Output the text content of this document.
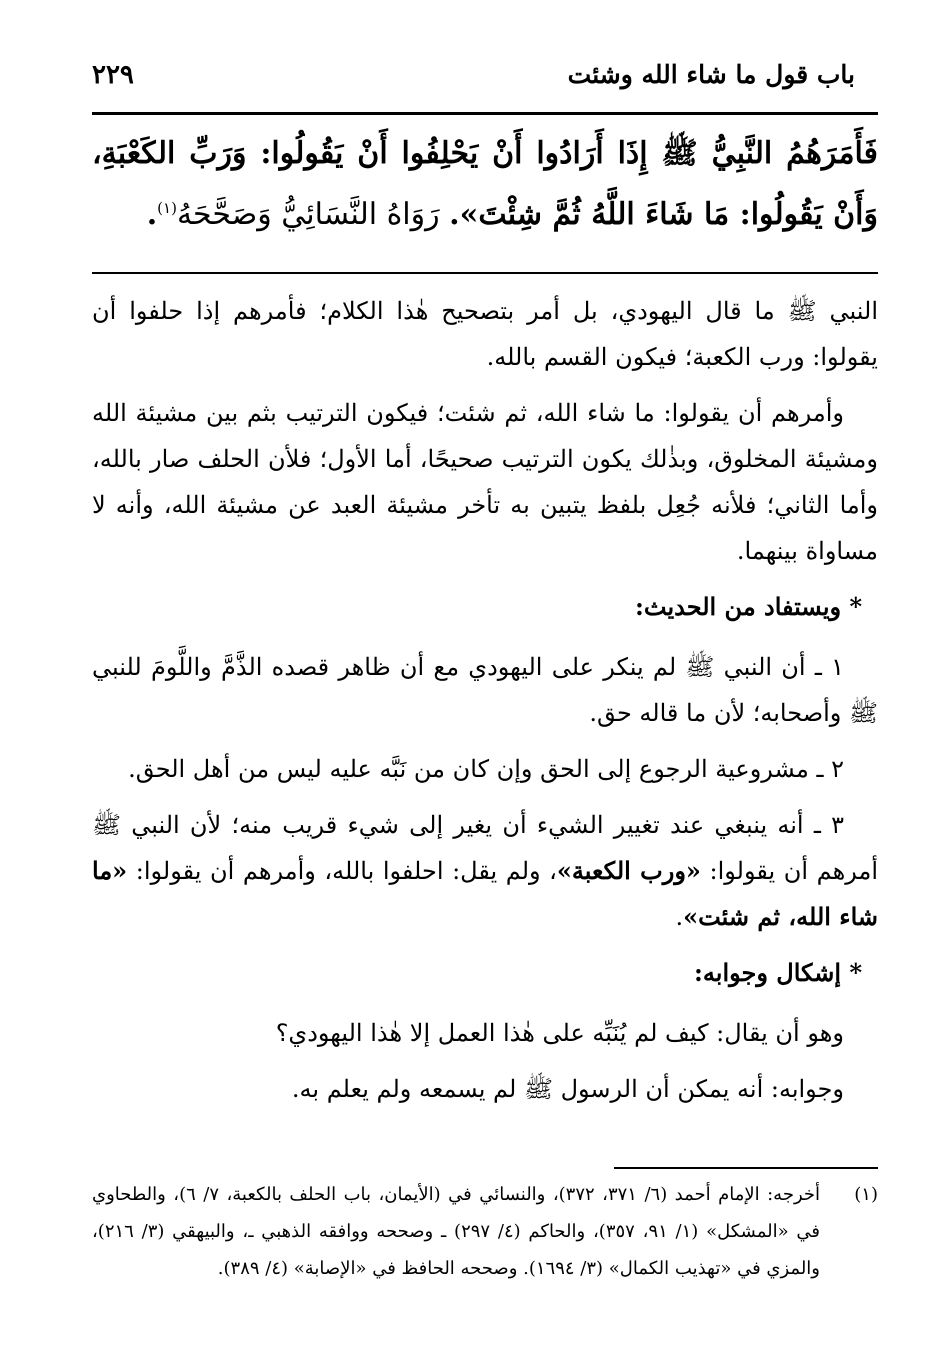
باب قول ما شاء الله وشئت
٢٢٩
فَأَمَرَهُمُ النَّبِيُّ ﷺ إِذَا أَرَادُوا أَنْ يَحْلِفُوا أَنْ يَقُولُوا: وَرَبِّ الكَعْبَةِ، وَأَنْ يَقُولُوا: مَا شَاءَ اللَّهُ ثُمَّ شِئْتَ». رَوَاهُ النَّسَائِيُّ وَصَحَّحَهُ$^{(١)}$.

النبي ﷺ ما قال اليهودي، بل أمر بتصحيح هٰذا الكلام؛ فأمرهم إذا حلفوا أن يقولوا: ورب الكعبة؛ فيكون القسم بالله.

وأمرهم أن يقولوا: ما شاء الله، ثم شئت؛ فيكون الترتيب بثم بين مشيئة الله ومشيئة المخلوق، وبذٰلك يكون الترتيب صحيحًا، أما الأول؛ فلأن الحلف صار بالله، وأما الثاني؛ فلأنه جُعِل بلفظ يتبين به تأخر مشيئة العبد عن مشيئة الله، وأنه لا مساواة بينهما.

* ويستفاد من الحديث:

١ ـ أن النبي ﷺ لم ينكر على اليهودي مع أن ظاهر قصده الذَّمَّ واللَّومَ للنبي ﷺ وأصحابه؛ لأن ما قاله حق.

٢ ـ مشروعية الرجوع إلى الحق وإن كان من نَبَّه عليه ليس من أهل الحق.

٣ ـ أنه ينبغي عند تغيير الشيء أن يغير إلى شيء قريب منه؛ لأن النبي ﷺ أمرهم أن يقولوا: «ورب الكعبة»، ولم يقل: احلفوا بالله، وأمرهم أن يقولوا: «ما شاء الله، ثم شئت».

* إشكال وجوابه:

وهو أن يقال: كيف لم يُنَبِّه على هٰذا العمل إلا هٰذا اليهودي؟

وجوابه: أنه يمكن أن الرسول ﷺ لم يسمعه ولم يعلم به.

(١)
أخرجه: الإمام أحمد (٦/ ٣٧١، ٣٧٢)، والنسائي في (الأيمان، باب الحلف بالكعبة، ٧/ ٦)، والطحاوي في «المشكل» (١/ ٩١، ٣٥٧)، والحاكم (٤/ ٢٩٧) ـ وصححه ووافقه الذهبي ـ، والبيهقي (٣/ ٢١٦)، والمزي في «تهذيب الكمال» (٣/ ١٦٩٤). وصححه الحافظ في «الإصابة» (٤/ ٣٨٩).
